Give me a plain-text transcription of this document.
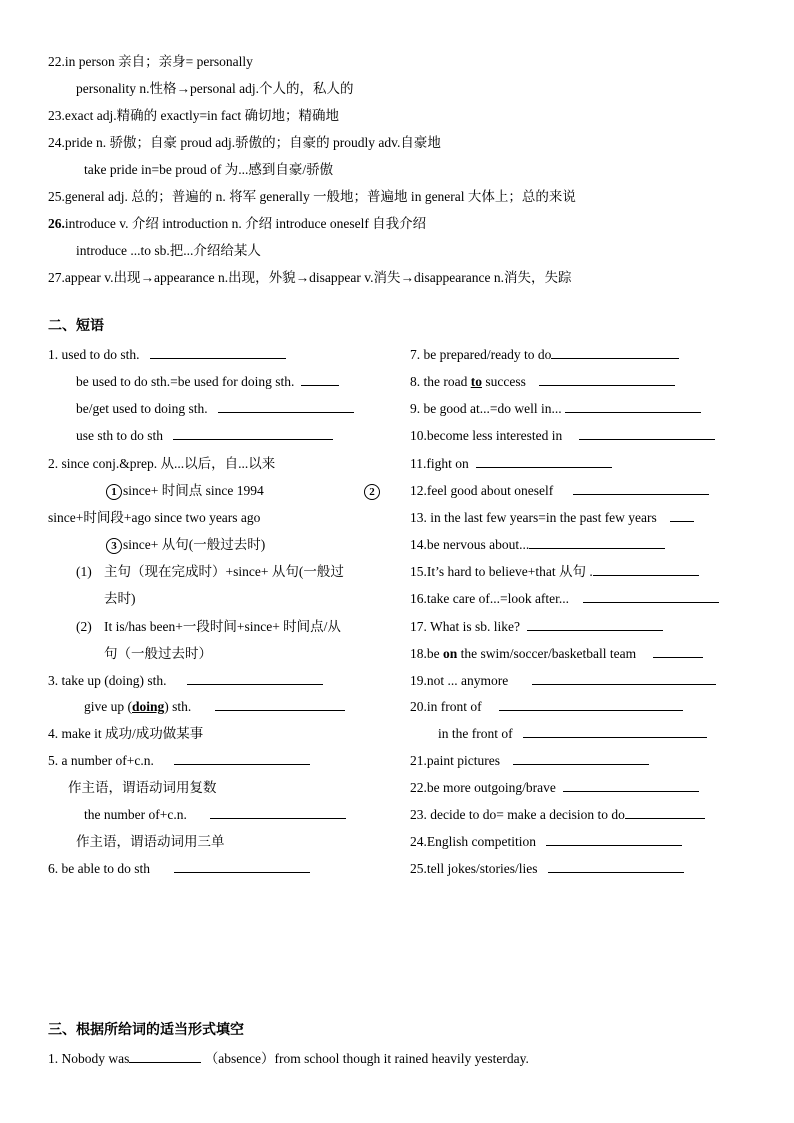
22.in person 亲自；亲身= personally
personality n.性格→personal adj.个人的，私人的
23.exact adj.精确的 exactly=in fact 确切地；精确地
24.pride n. 骄傲；自豪 proud adj.骄傲的；自豪的 proudly adv.自豪地
take pride in=be proud of 为...感到自豪/骄傲
25.general adj. 总的；普遍的 n. 将军 generally 一般地；普遍地 in general 大体上；总的来说
26.introduce v. 介绍 introduction n. 介绍 introduce oneself 自我介绍
introduce ...to sb.把...介绍给某人
27.appear v.出现→appearance n.出现，外貌→disappear v.消失→disappearance n.消失，失踪
二、短语
1. used to do sth.
be used to do sth.=be used for doing sth.
be/get used to doing sth.
use sth to do sth
2. since conj.&prep. 从...以后，自...以来
1 since+ 时间点 since 1994	2
since+时间段+ago since two years ago
3 since+ 从句(一般过去时)
(1) 主句（现在完成时）+since+ 从句(一般过
去时)
(2) It is/has been+一段时间+since+ 时间点/从
句（一般过去时）
3. take up (doing) sth.
give up (doing) sth.
4. make it 成功/成功做某事
5. a number of+c.n.
作主语，谓语动词用复数
the number of+c.n.
作主语，谓语动词用三单
6. be able to do sth
7. be prepared/ready to do
8. the road to success
9. be good at...=do well in...
10.become less interested in
11.fight on
12.feel good about oneself
13. in the last few years=in the past few years
14.be nervous about...
15.It’s hard to believe+that 从句 .
16.take care of...=look after...
17. What is sb. like?
18.be on the swim/soccer/basketball team
19.not ... anymore
20.in front of
in the front of
21.paint pictures
22.be more outgoing/brave
23. decide to do= make a decision to do
24.English competition
25.tell jokes/stories/lies
三、根据所给词的适当形式填空
1. Nobody was	（absence）from school though it rained heavily yesterday.
